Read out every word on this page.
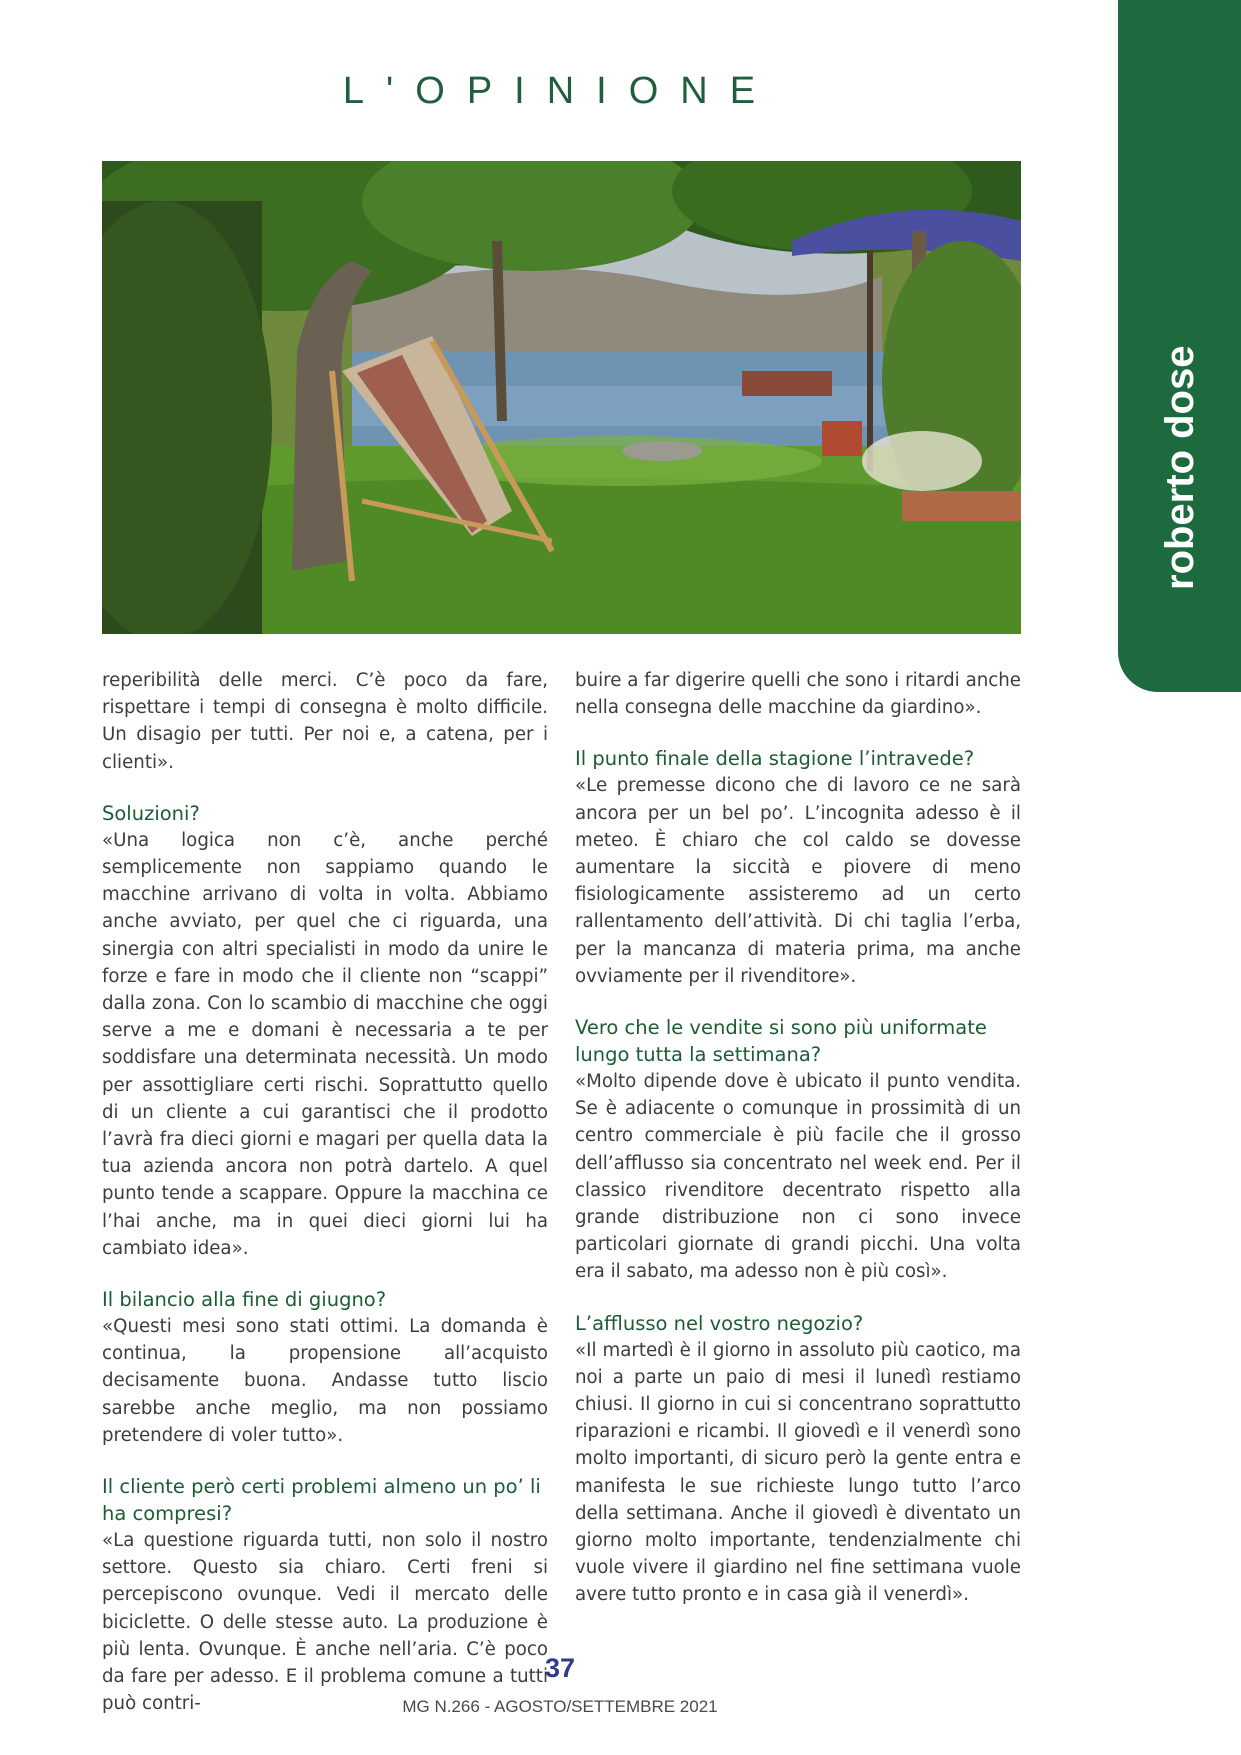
L'OPINIONE
roberto dose

reperibilità delle merci. C’è poco da fare, rispettare i tempi di consegna è molto difficile. Un disagio per tutti. Per noi e, a catena, per i clienti».

Soluzioni?

«Una logica non c’è, anche perché semplicemente non sappiamo quando le macchine arrivano di volta in volta. Abbiamo anche avviato, per quel che ci riguarda, una sinergia con altri specialisti in modo da unire le forze e fare in modo che il cliente non “scappi” dalla zona. Con lo scambio di macchine che oggi serve a me e domani è necessaria a te per soddisfare una determinata necessità. Un modo per assottigliare certi rischi. Soprattutto quello di un cliente a cui garantisci che il prodotto l’avrà fra dieci giorni e magari per quella data la tua azienda ancora non potrà dartelo. A quel punto tende a scappare. Oppure la macchina ce l’hai anche, ma in quei dieci giorni lui ha cambiato idea».

Il bilancio alla fine di giugno?

«Questi mesi sono stati ottimi. La domanda è continua, la propensione all’acquisto decisamente buona. Andasse tutto liscio sarebbe anche meglio, ma non possiamo pretendere di voler tutto».

Il cliente però certi problemi almeno un po’ li ha compresi?

«La questione riguarda tutti, non solo il nostro settore. Questo sia chiaro. Certi freni si percepiscono ovunque. Vedi il mercato delle biciclette. O delle stesse auto. La produzione è più lenta. Ovunque. È anche nell’aria. C’è poco da fare per adesso. E il problema comune a tutti può contri-

buire a far digerire quelli che sono i ritardi anche nella consegna delle macchine da giardino».

Il punto finale della stagione l’intravede?

«Le premesse dicono che di lavoro ce ne sarà ancora per un bel po’. L’incognita adesso è il meteo. È chiaro che col caldo se dovesse aumentare la siccità e piovere di meno fisiologicamente assisteremo ad un certo rallentamento dell’attività. Di chi taglia l’erba, per la mancanza di materia prima, ma anche ovviamente per il rivenditore».

Vero che le vendite si sono più uniformate lungo tutta la settimana?

«Molto dipende dove è ubicato il punto vendita. Se è adiacente o comunque in prossimità di un centro commerciale è più facile che il grosso dell’afflusso sia concentrato nel week end. Per il classico rivenditore decentrato rispetto alla grande distribuzione non ci sono invece particolari giornate di grandi picchi. Una volta era il sabato, ma adesso non è più così».

L’afflusso nel vostro negozio?

«Il martedì è il giorno in assoluto più caotico, ma noi a parte un paio di mesi il lunedì restiamo chiusi. Il giorno in cui si concentrano soprattutto riparazioni e ricambi. Il giovedì e il venerdì sono molto importanti, di sicuro però la gente entra e manifesta le sue richieste lungo tutto l’arco della settimana. Anche il giovedì è diventato un giorno molto importante, tendenzialmente chi vuole vivere il giardino nel fine settimana vuole avere tutto pronto e in casa già il venerdì».

37
MG N.266 - AGOSTO/SETTEMBRE 2021
